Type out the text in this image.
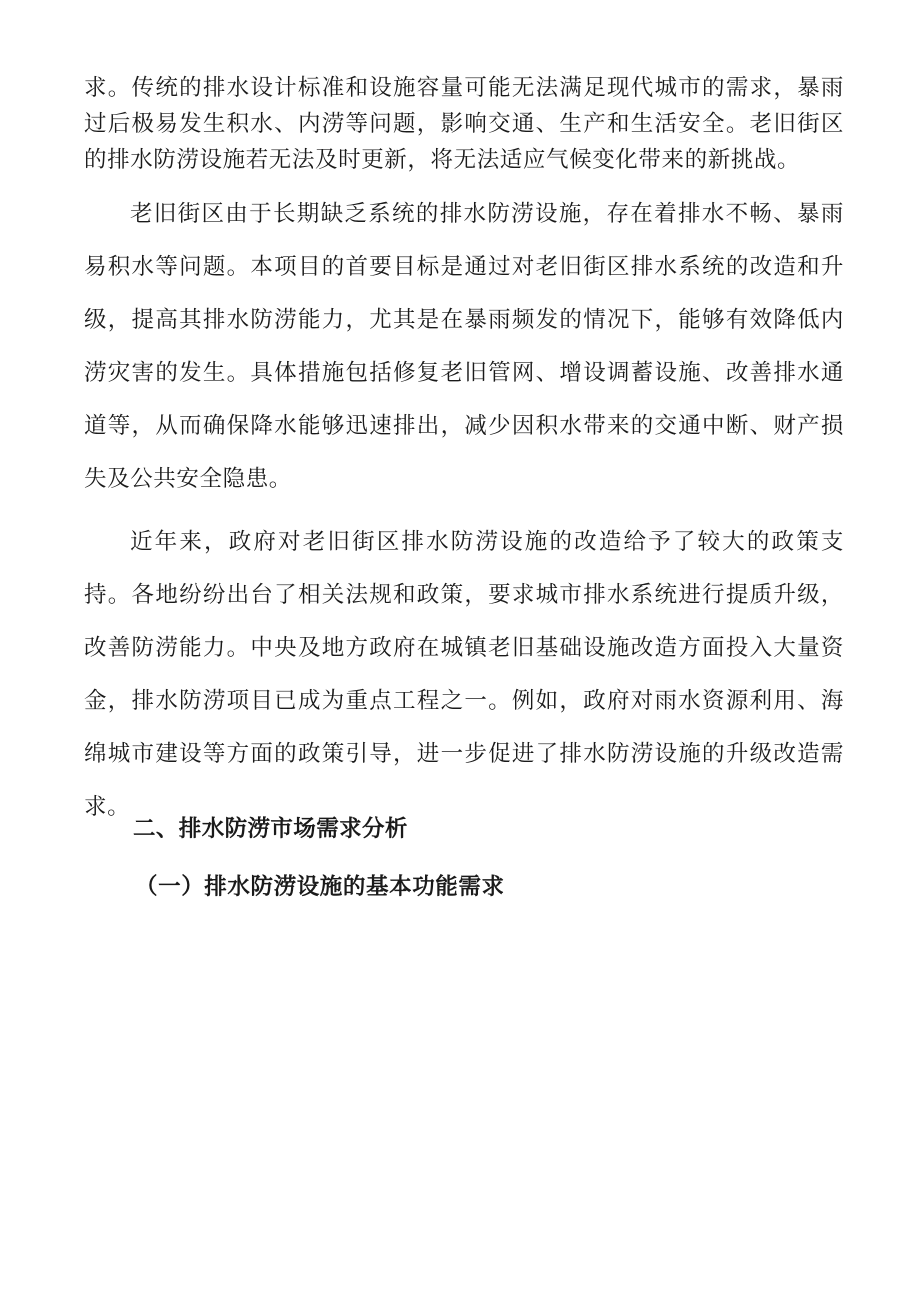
求。传统的排水设计标准和设施容量可能无法满足现代城市的需求，暴雨过后极易发生积水、内涝等问题，影响交通、生产和生活安全。老旧街区的排水防涝设施若无法及时更新，将无法适应气候变化带来的新挑战。

老旧街区由于长期缺乏系统的排水防涝设施，存在着排水不畅、暴雨易积水等问题。本项目的首要目标是通过对老旧街区排水系统的改造和升级，提高其排水防涝能力，尤其是在暴雨频发的情况下，能够有效降低内涝灾害的发生。具体措施包括修复老旧管网、增设调蓄设施、改善排水通道等，从而确保降水能够迅速排出，减少因积水带来的交通中断、财产损失及公共安全隐患。

近年来，政府对老旧街区排水防涝设施的改造给予了较大的政策支持。各地纷纷出台了相关法规和政策，要求城市排水系统进行提质升级，改善防涝能力。中央及地方政府在城镇老旧基础设施改造方面投入大量资金，排水防涝项目已成为重点工程之一。例如，政府对雨水资源利用、海绵城市建设等方面的政策引导，进一步促进了排水防涝设施的升级改造需求。

二、排水防涝市场需求分析
（一）排水防涝设施的基本功能需求
